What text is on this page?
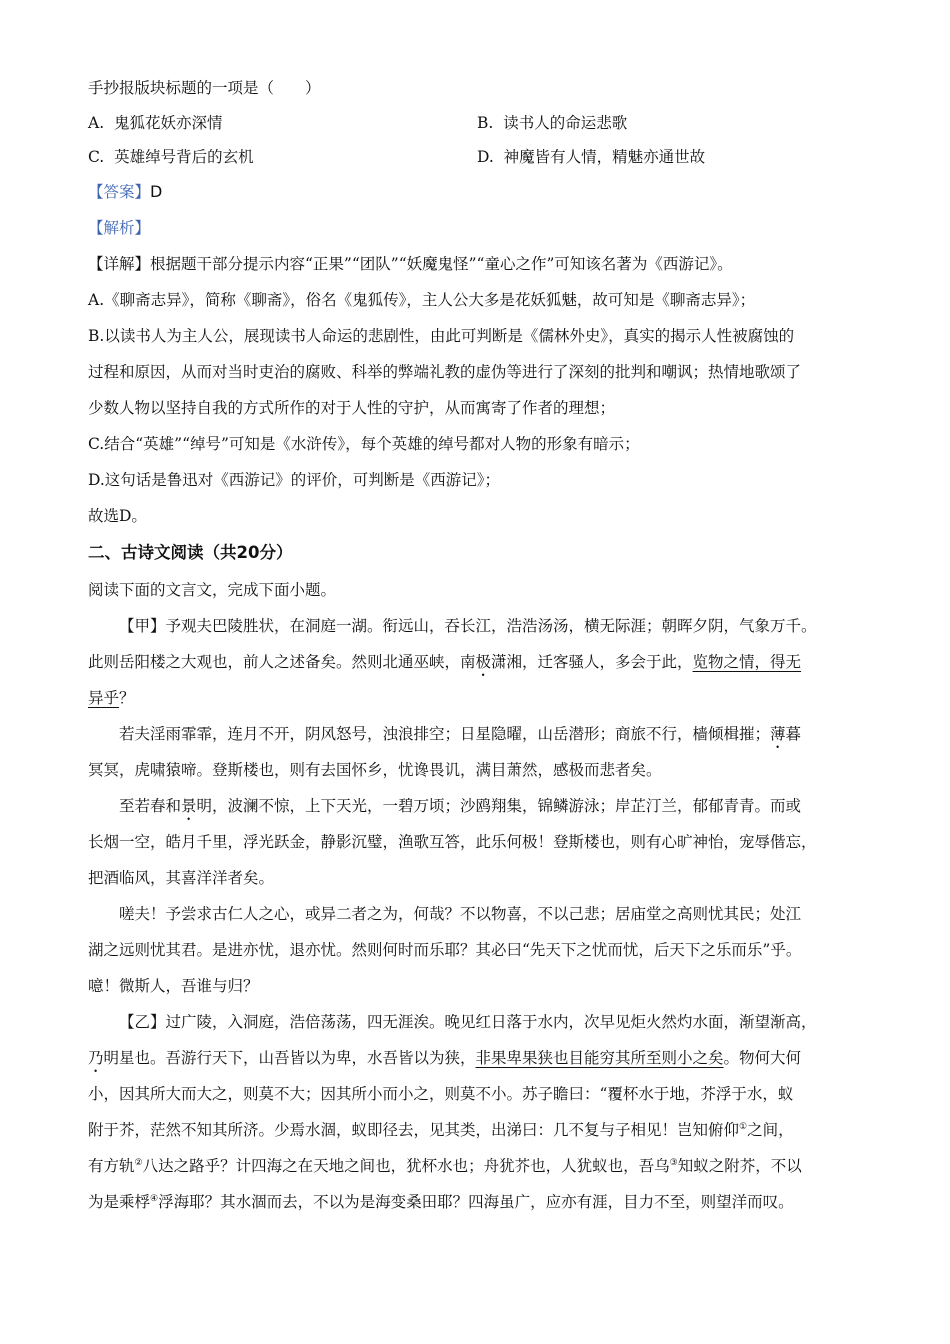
手抄报版块标题的一项是（　　）
A. 鬼狐花妖亦深情	B. 读书人的命运悲歌
C. 英雄绰号背后的玄机	D. 神魔皆有人情，精魅亦通世故
【答案】D
【解析】
【详解】根据题干部分提示内容“正果”“团队”“妖魔鬼怪”“童心之作”可知该名著为《西游记》。
A.《聊斋志异》，简称《聊斋》，俗名《鬼狐传》，主人公大多是花妖狐魅，故可知是《聊斋志异》；
B.以读书人为主人公，展现读书人命运的悲剧性，由此可判断是《儒林外史》，真实的揭示人性被腐蚀的
过程和原因，从而对当时吏治的腐败、科举的弊端礼教的虚伪等进行了深刻的批判和嘲讽；热情地歌颂了
少数人物以坚持自我的方式所作的对于人性的守护，从而寓寄了作者的理想；
C.结合“英雄”“绰号”可知是《水浒传》，每个英雄的绰号都对人物的形象有暗示；
D.这句话是鲁迅对《西游记》的评价，可判断是《西游记》；
故选D。
二、古诗文阅读（共20分）
阅读下面的文言文，完成下面小题。
【甲】予观夫巴陵胜状，在洞庭一湖。衔远山，吞长江，浩浩汤汤，横无际涯；朝晖夕阴，气象万千。
此则岳阳楼之大观也，前人之述备矣。然则北通巫峡，南极潇湘，迁客骚人，多会于此，览物之情，得无
异乎？
若夫淫雨霏霏，连月不开，阴风怒号，浊浪排空；日星隐曜，山岳潜形；商旅不行，樯倾楫摧；薄暮
冥冥，虎啸猿啼。登斯楼也，则有去国怀乡，忧谗畏讥，满目萧然，感极而悲者矣。
至若春和景明，波澜不惊，上下天光，一碧万顷；沙鸥翔集，锦鳞游泳；岸芷汀兰，郁郁青青。而或
长烟一空，皓月千里，浮光跃金，静影沉璧，渔歌互答，此乐何极！登斯楼也，则有心旷神怡，宠辱偕忘，
把酒临风，其喜洋洋者矣。
嗟夫！予尝求古仁人之心，或异二者之为，何哉？不以物喜，不以己悲；居庙堂之高则忧其民；处江
湖之远则忧其君。是进亦忧，退亦忧。然则何时而乐耶？其必曰“先天下之忧而忧，后天下之乐而乐”乎。
噫！微斯人，吾谁与归？
【乙】过广陵，入洞庭，浩倍荡荡，四无涯涘。晚见红日落于水内，次早见炬火然灼水面，渐望渐高，
乃明星也。吾游行天下，山吾皆以为卑，水吾皆以为狭，非果卑果狭也目能穷其所至则小之矣。物何大何
小，因其所大而大之，则莫不大；因其所小而小之，则莫不小。苏子瞻曰：“覆杯水于地，芥浮于水，蚁
附于芥，茫然不知其所济。少焉水涸，蚁即径去，见其类，出涕曰：几不复与子相见！岂知俯仰①之间，
有方轨②八达之路乎？计四海之在天地之间也，犹杯水也；舟犹芥也，人犹蚁也，吾乌③知蚁之附芥，不以
为是乘桴④浮海耶？其水涸而去，不以为是海变桑田耶？四海虽广，应亦有涯，目力不至，则望洋而叹。
